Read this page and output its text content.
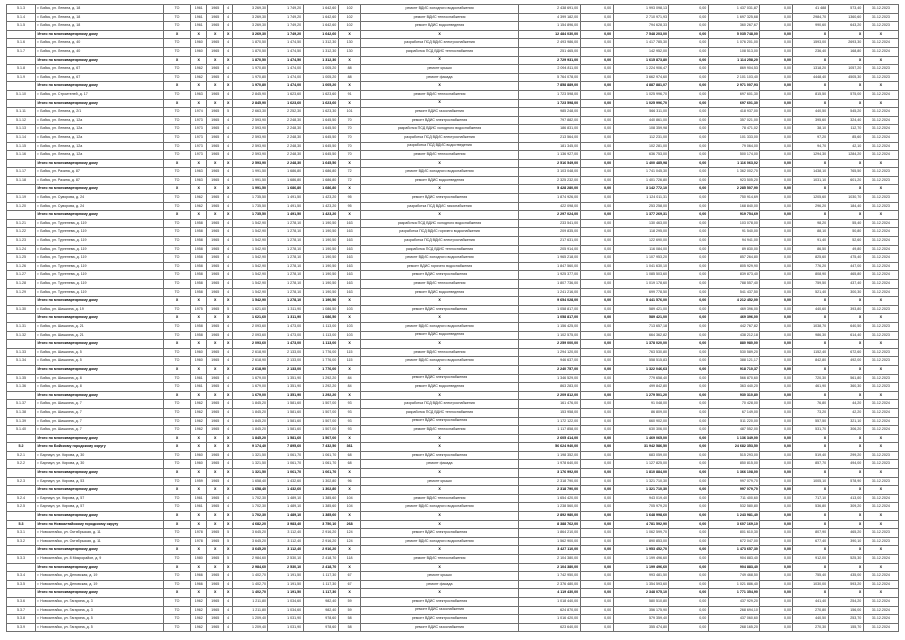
5.1.3	г. Бийск, ул. Ленина, д. 18	ТО	1961	1965	4	3 269,30	1 749,20	1 642,60	102	ремонт ВДИС холодного водоснабжения	2 438 691,00	0,00	1 993 098,13	0,00	1 437 031,87	0,00	41 488	573,40	31.12.2023
5.1.4	г. Бийск, ул. Ленина, д. 18	ТО	1961	1965	4	3 269,30	1 749,20	1 642,60	102	ремонт ВДИС теплоснабжения	4 399 182,00	0,00	2 710 971,93	0,00	1 697 325,68	0,00	2984,70	1360,60	31.12.2023
5.1.5	г. Бийск, ул. Ленина, д. 18	ТО	1961	1965	4	3 269,30	1 749,20	1 642,60	102	ремонт ВДИС водоотведения	1 154 896,00	0,00	794 628,33	0,00	360 267,67	0,00	990,60	643,20	31.12.2023
	Итого по многоквартирному дому	X	X	X	X	3 269,30	1 749,20	1 642,60	X	X	12 484 030,00	0,00	7 548 203,00	0,00	5 035 748,00	0,00	X	X	X
5.1.6	г. Бийск, ул. Ленина, д. 40	ТО	1960	1965	4	1 870,50	1 474,50	1 312,30	130	разработка ПСД ВДИС электроснабжения	2 493 986,00	0,00	1 417 785,30	0,00	1 076 201,00	0,00	1593,00	2693,30	31.12.2024
5.1.7	г. Бийск, ул. Ленина, д. 40	ТО	1960	1965	4	1 870,50	1 474,50	1 312,30	130	разработка ПСД ВДИС теплоснабжения	251 465,00	0,00	142 952,00	0,00	108 513,00	0,00	236,40	168,80	31.12.2024
	Итого по многоквартирному дому	X	X	X	X	1 870,50	1 474,50	1 312,30	X	X	2 729 931,00	0,00	1 615 873,80	0,00	1 114 258,20	0,00	X	X	X
5.1.8	г. Бийск, ул. Ленина, д. 67	ТО	1962	1965	4	1 970,80	1 474,00	1 005,20	88	ремонт крыши	2 094 811,00	0,00	1 224 906,47	0,00	869 904,53	0,00	1318,20	1057,20	31.12.2023
5.1.9	г. Бийск, ул. Ленина, д. 67	ТО	1962	1965	4	1 970,80	1 474,00	1 005,20	88	ремонт фасада	5 764 078,00	0,00	3 662 974,60	0,00	2 101 103,40	0,00	4448,40	4505,30	31.12.2023
	Итого по многоквартирному дому	X	X	X	X	1 970,80	1 474,00	1 005,20	X	X	7 858 889,00	0,00	4 887 881,07	0,00	2 971 007,93	0,00	X	X	X
5.1.10	г. Бийск, ул. Строителей, д. 17	ТО	1963	1965	4	2 845,90	1 623,60	1 623,60	91	ремонт ВДИС теплоснабжения	1 723 598,00	0,00	1 025 996,70	0,00	697 601,30	0,00	815,50	575,00	31.12.2024
	Итого по многоквартирному дому	X	X	X	X	2 845,90	1 623,60	1 623,60	X	X	1 723 598,00	0,00	1 025 996,70	0,00	697 601,30	0,00	X	X	X
5.1.11	г. Бийск, ул. Ленина, д. 2/1	ТО	1974	1965	5	2 663,30	2 252,30	1 623,30	101	ремонт ВДИС газоснабжения	985 248,00	0,00	566 311,00	0,00	418 937,00	0,00	440,50	545,20	31.12.2024
5.1.12	г. Бийск, ул. Ленина, д. 12а	ТО	1973	1965	4	2 593,90	2 248,30	1 645,50	70	ремонт ВДИС электроснабжения	797 882,00	0,00	440 861,00	0,00	357 021,00	0,00	395,60	324,40	31.12.2024
5.1.13	г. Бийск, ул. Ленина, д. 12а	ТО	1973	1965	4	2 593,90	2 248,30	1 645,50	70	разработка ПСД ВДИС холодного водоснабжения	186 831,00	0,00	108 359,98	0,00	78 471,02	0,00	38,10	112,70	31.12.2024
5.1.14	г. Бийск, ул. Ленина, д. 12а	ТО	1973	1965	4	2 593,90	2 248,30	1 645,50	70	разработка ПСД ВДИС электроснабжения	213 564,00	0,00	112 231,00	0,00	101 333,00	0,00	97,20	85,60	31.12.2024
5.1.15	г. Бийск, ул. Ленина, д. 12а	ТО	1973	1965	4	2 593,90	2 248,30	1 645,50	70	разработка ПСД ВДИС водоотведения	181 345,00	0,00	102 281,00	0,00	79 064,00	0,00	94,70	42,10	31.12.2024
5.1.16	г. Бийск, ул. Ленина, д. 12а	ТО	1973	1965	4	2 593,90	2 248,30	1 645,50	70	ремонт ВДИС теплоснабжения	1 136 927,00	0,00	636 753,00	0,00	500 174,00	0,00	1294,30	1284,20	31.12.2024
	Итого по многоквартирному дому	X	X	X	X	2 593,90	2 248,30	1 645,50	X	X	2 516 549,00	0,00	1 400 485,98	0,00	1 116 063,02	0,00	X	X	X
5.1.17	г. Бийск, ул. Разина, д. 87	ТО	1963	1965	4	1 991,50	1 686,80	1 686,80	72	ремонт ВДИС холодного водоснабжения	3 103 048,00	0,00	1 741 045,30	0,00	1 362 002,70	0,00	1438,10	765,50	31.12.2023
5.1.18	г. Бийск, ул. Разина, д. 87	ТО	1963	1965	4	1 991,50	1 686,80	1 686,80	72	ремонт ВДИС водоотведения	2 325 232,00	0,00	1 401 726,80	0,00	923 505,20	0,00	1031,10	601,20	31.12.2023
	Итого по многоквартирному дому	X	X	X	X	1 991,50	1 686,80	1 686,80	X	X	5 428 280,00	0,00	3 142 772,10	0,00	2 285 507,90	0,00	X	X	X
5.1.19	г. Бийск, ул. Суворова, д. 24	ТО	1962	1965	4	1 735,50	1 491,50	1 423,20	95	ремонт ВДИС электроснабжения	1 874 926,00	0,00	1 124 011,31	0,00	750 914,69	0,00	1205,60	1030,70	31.12.2023
5.1.20	г. Бийск, ул. Суворова, д. 24	ТО	1962	1965	4	1 735,50	1 491,50	1 423,20	95	разработка ПСД ВДИС газоснабжения	422 098,00	0,00	253 258,00	0,00	168 840,00	0,00	296,20	184,40	31.12.2023
	Итого по многоквартирному дому	X	X	X	X	1 735,50	1 491,50	1 423,20	X	X	2 297 024,00	0,00	1 377 269,31	0,00	919 754,69	0,00	X	X	X
5.1.21	г. Бийск, ул. Тургенева, д. 119	ТО	1958	1965	4	1 542,90	1 278,10	1 190,50	163	разработка ПСД ВДИС холодного водоснабжения	233 541,00	0,00	130 463,00	0,00	103 078,00	0,00	98,20	55,40	31.12.2024
5.1.22	г. Бийск, ул. Тургенева, д. 119	ТО	1958	1965	4	1 542,90	1 278,10	1 190,50	163	разработка ПСД ВДИС горячего водоснабжения	209 835,00	0,00	118 295,00	0,00	91 540,00	0,00	88,10	50,80	31.12.2024
5.1.23	г. Бийск, ул. Тургенева, д. 119	ТО	1958	1965	4	1 542,90	1 278,10	1 190,50	163	разработка ПСД ВДИС электроснабжения	217 631,00	0,00	122 690,00	0,00	94 941,00	0,00	91,40	52,60	31.12.2024
5.1.24	г. Бийск, ул. Тургенева, д. 119	ТО	1958	1965	4	1 542,90	1 278,10	1 190,50	163	разработка ПСД ВДИС теплоснабжения	205 914,00	0,00	116 084,00	0,00	89 830,00	0,00	86,50	49,80	31.12.2024
5.1.25	г. Бийск, ул. Тургенева, д. 119	ТО	1958	1965	4	1 542,90	1 278,10	1 190,50	163	ремонт ВДИС холодного водоснабжения	1 965 218,00	0,00	1 107 953,20	0,00	857 264,80	0,00	825,60	475,40	31.12.2024
5.1.26	г. Бийск, ул. Тургенева, д. 119	ТО	1958	1965	4	1 542,90	1 278,10	1 190,50	163	ремонт ВДИС горячего водоснабжения	1 847 560,00	0,00	1 041 630,10	0,00	805 929,90	0,00	776,20	447,00	31.12.2024
5.1.27	г. Бийск, ул. Тургенева, д. 119	ТО	1958	1965	4	1 542,90	1 278,10	1 190,50	163	ремонт ВДИС электроснабжения	1 925 377,00	0,00	1 085 503,60	0,00	839 873,40	0,00	808,90	465,80	31.12.2024
5.1.28	г. Бийск, ул. Тургенева, д. 119	ТО	1958	1965	4	1 542,90	1 278,10	1 190,50	163	ремонт ВДИС теплоснабжения	1 807 736,00	0,00	1 019 178,60	0,00	788 557,40	0,00	759,50	437,40	31.12.2024
5.1.29	г. Бийск, ул. Тургенева, д. 119	ТО	1958	1965	4	1 542,90	1 278,10	1 190,50	163	ремонт ВДИС водоотведения	1 241 216,00	0,00	699 778,50	0,00	541 437,50	0,00	521,40	300,30	31.12.2024
	Итого по многоквартирному дому	X	X	X	X	1 542,90	1 278,10	1 190,50	X	X	9 654 028,00	0,00	5 441 576,00	0,00	4 212 452,00	0,00	X	X	X
5.1.30	г. Бийск, ул. Шишкина, д. 19	ТО	1975	1965	5	1 621,60	1 311,90	1 086,50	103	ремонт ВДИС электроснабжения	1 058 817,00	0,00	589 421,00	0,00	469 396,00	0,00	440,60	393,80	31.12.2023
	Итого по многоквартирному дому	X	X	X	X	1 621,60	1 311,90	1 086,50	X	X	1 058 817,00	0,00	589 421,00	0,00	469 396,00	0,00	X	X	X
5.1.31	г. Бийск, ул. Шишкина, д. 21	ТО	1958	1965	4	2 093,60	1 473,00	1 113,00	103	ремонт ВДИС холодного водоснабжения	1 156 425,00	0,00	713 657,18	0,00	442 767,82	0,00	1038,70	640,50	31.12.2023
5.1.32	г. Бийск, ул. Шишкина, д. 21	ТО	1958	1965	4	2 093,60	1 473,00	1 113,00	103	ремонт ВДИС водоотведения	1 102 575,00	0,00	664 362,82	0,00	438 212,18	0,00	986,30	614,40	31.12.2023
	Итого по многоквартирному дому	X	X	X	X	2 093,60	1 473,00	1 113,00	X	X	2 259 000,00	0,00	1 378 020,00	0,00	880 980,00	0,00	X	X	X
5.1.33	г. Бийск, ул. Шишкина, д. 5	ТО	1960	1965	4	2 618,90	2 133,00	1 776,00	115	ремонт ВДИС теплоснабжения	1 294 120,00	0,00	763 530,80	0,00	530 589,20	0,00	1152,40	672,60	31.12.2023
5.1.34	г. Бийск, ул. Шишкина, д. 5	ТО	1960	1965	4	2 618,90	2 133,00	1 776,00	115	ремонт ВДИС холодного водоснабжения	946 637,00	0,00	558 515,83	0,00	388 121,17	0,00	842,80	492,00	31.12.2023
	Итого по многоквартирному дому	X	X	X	X	2 618,90	2 133,00	1 776,00	X	X	2 240 757,00	0,00	1 322 046,63	0,00	918 710,37	0,00	X	X	X
5.1.35	г. Бийск, ул. Шишкина, д. 8	ТО	1961	1965	4	1 679,00	1 351,90	1 292,20	84	ремонт ВДИС электроснабжения	1 346 529,00	0,00	779 658,40	0,00	566 870,60	0,00	720,30	561,80	31.12.2023
5.1.36	г. Бийск, ул. Шишкина, д. 8	ТО	1961	1965	4	1 679,00	1 351,90	1 292,20	84	ремонт ВДИС водоотведения	863 283,00	0,00	499 842,80	0,00	363 440,20	0,00	461,90	360,30	31.12.2023
	Итого по многоквартирному дому	X	X	X	X	1 679,00	1 351,90	1 292,20	X	X	2 209 812,00	0,00	1 279 501,20	0,00	930 310,80	0,00	X	X	X
5.1.37	г. Бийск, ул. Шишкина, д. 7	ТО	1962	1965	4	1 845,20	1 581,60	1 507,00	93	разработка ПСД ВДИС электроснабжения	161 476,00	0,00	91 048,00	0,00	70 428,00	0,00	76,80	44,20	31.12.2024
5.1.38	г. Бийск, ул. Шишкина, д. 7	ТО	1962	1965	4	1 845,20	1 581,60	1 507,00	93	разработка ПСД ВДИС теплоснабжения	153 958,00	0,00	86 809,00	0,00	67 149,00	0,00	73,20	42,20	31.12.2024
5.1.39	г. Бийск, ул. Шишкина, д. 7	ТО	1962	1965	4	1 845,20	1 581,60	1 507,00	93	ремонт ВДИС электроснабжения	1 172 122,00	0,00	660 902,00	0,00	511 220,00	0,00	557,50	321,10	31.12.2024
5.1.40	г. Бийск, ул. Шишкина, д. 7	ТО	1962	1965	4	1 845,20	1 581,60	1 507,00	93	ремонт ВДИС теплоснабжения	1 117 858,00	0,00	630 306,00	0,00	487 552,00	0,00	531,70	306,20	31.12.2024
	Итого по многоквартирному дому	X	X	X	X	1 845,20	1 581,60	1 507,00	X	X	2 605 414,00	0,00	1 469 065,00	0,00	1 136 349,00	0,00	X	X	X
5.2	Итого по Бийскому городскому округу	X	X	X	X	9 174,40	7 895,60	7 432,50	361	X	56 624 940,00	0,00	31 942 586,50	0,00	24 682 353,50	0,00	X	X	X
5.2.1	г. Барнаул, ул. Кирова, д. 30	ТО	1960	1965	4	1 321,50	1 061,70	1 061,70	68	ремонт ВДИС электроснабжения	1 198 352,00	0,00	683 059,00	0,00	515 293,00	0,00	519,40	299,20	31.12.2023
5.2.2	г. Барнаул, ул. Кирова, д. 30	ТО	1960	1965	4	1 321,50	1 061,70	1 061,70	68	ремонт фасада	1 978 640,00	0,00	1 127 825,00	0,00	850 815,00	0,00	857,70	494,00	31.12.2023
	Итого по многоквартирному дому	X	X	X	X	1 321,50	1 061,70	1 061,70	X	X	3 176 992,00	0,00	1 810 884,00	0,00	1 366 108,00	0,00	X	X	X
5.2.3	г. Барнаул, ул. Кирова, д. 53	ТО	1959	1965	4	1 658,40	1 432,60	1 302,80	96	ремонт крыши	2 318 790,00	0,00	1 321 710,30	0,00	997 079,70	0,00	1005,10	578,90	31.12.2023
	Итого по многоквартирному дому	X	X	X	X	1 658,40	1 432,60	1 302,80	X	X	2 318 790,00	0,00	1 321 710,30	0,00	997 079,70	0,00	X	X	X
5.2.4	г. Барнаул, ул. Кирова, д. 57	ТО	1961	1965	4	1 702,30	1 489,10	1 385,60	104	ремонт ВДИС теплоснабжения	1 654 420,00	0,00	943 019,40	0,00	711 400,60	0,00	717,10	413,00	31.12.2024
5.2.5	г. Барнаул, ул. Кирова, д. 57	ТО	1961	1965	4	1 702,30	1 489,10	1 385,60	104	ремонт ВДИС холодного водоснабжения	1 238 560,00	0,00	705 979,20	0,00	532 580,80	0,00	536,80	309,20	31.12.2024
	Итого по многоквартирному дому	X	X	X	X	1 702,30	1 489,10	1 385,60	X	X	2 892 980,00	0,00	1 648 998,60	0,00	1 243 981,40	0,00	X	X	X
5.3	Итого по Новоалтайскому городскому округу	X	X	X	X	4 682,20	3 983,40	3 750,10	268	X	8 388 762,00	0,00	4 781 592,90	0,00	3 607 169,10	0,00	X	X	X
5.3.1	г. Новоалтайск, ул. Октябрьская, д. 11	ТО	1978	1965	5	3 645,20	3 112,40	2 916,20	124	ремонт ВДИС электроснабжения	1 864 210,00	0,00	1 062 599,70	0,00	801 610,30	0,00	807,90	465,20	31.12.2023
5.3.2	г. Новоалтайск, ул. Октябрьская, д. 11	ТО	1978	1965	5	3 645,20	3 112,40	2 916,20	124	ремонт ВДИС холодного водоснабжения	1 562 900,00	0,00	890 853,00	0,00	672 047,00	0,00	677,40	390,10	31.12.2023
	Итого по многоквартирному дому	X	X	X	X	3 645,20	3 112,40	2 916,20	X	X	3 427 110,00	0,00	1 953 452,70	0,00	1 473 657,30	0,00	X	X	X
5.3.3	г. Новоалтайск, ул. 8 Микрорайон, д. 9	ТО	1980	1965	5	2 984,60	2 530,10	2 418,70	118	ремонт ВДИС теплоснабжения	2 104 380,00	0,00	1 199 496,60	0,00	904 883,40	0,00	912,00	525,30	31.12.2024
	Итого по многоквартирному дому	X	X	X	X	2 984,60	2 530,10	2 418,70	X	X	2 104 380,00	0,00	1 199 496,60	0,00	904 883,40	0,00	X	X	X
5.3.4	г. Новоалтайск, ул. Деповская, д. 19	ТО	1966	1965	4	1 402,70	1 191,50	1 117,30	67	ремонт крыши	1 742 950,00	0,00	993 481,50	0,00	749 468,50	0,00	755,40	435,00	31.12.2024
5.3.5	г. Новоалтайск, ул. Деповская, д. 19	ТО	1966	1965	4	1 402,70	1 191,50	1 117,30	67	ремонт фасада	2 376 480,00	0,00	1 354 593,60	0,00	1 021 886,40	0,00	1030,00	593,20	31.12.2024
	Итого по многоквартирному дому	X	X	X	X	1 402,70	1 191,50	1 117,30	X	X	4 119 430,00	0,00	2 348 075,10	0,00	1 771 354,90	0,00	X	X	X
5.3.6	г. Новоалтайск, ул. Гагарина, д. 3	ТО	1962	1965	4	1 211,80	1 034,60	982,40	59	ремонт ВДИС электроснабжения	1 018 440,00	0,00	580 510,80	0,00	437 929,20	0,00	441,40	254,20	31.12.2024
5.3.7	г. Новоалтайск, ул. Гагарина, д. 3	ТО	1962	1965	4	1 211,80	1 034,60	982,40	59	ремонт ВДИС газоснабжения	624 870,00	0,00	356 175,90	0,00	268 694,10	0,00	270,80	156,00	31.12.2024
5.3.8	г. Новоалтайск, ул. Гагарина, д. 5	ТО	1962	1965	4	1 209,40	1 031,90	978,60	58	ремонт ВДИС электроснабжения	1 016 420,00	0,00	579 359,40	0,00	437 060,60	0,00	440,50	253,70	31.12.2024
5.3.9	г. Новоалтайск, ул. Гагарина, д. 5	ТО	1962	1965	4	1 209,40	1 031,90	978,60	58	ремонт ВДИС газоснабжения	623 640,00	0,00	355 474,80	0,00	268 165,20	0,00	270,30	155,70	31.12.2024
